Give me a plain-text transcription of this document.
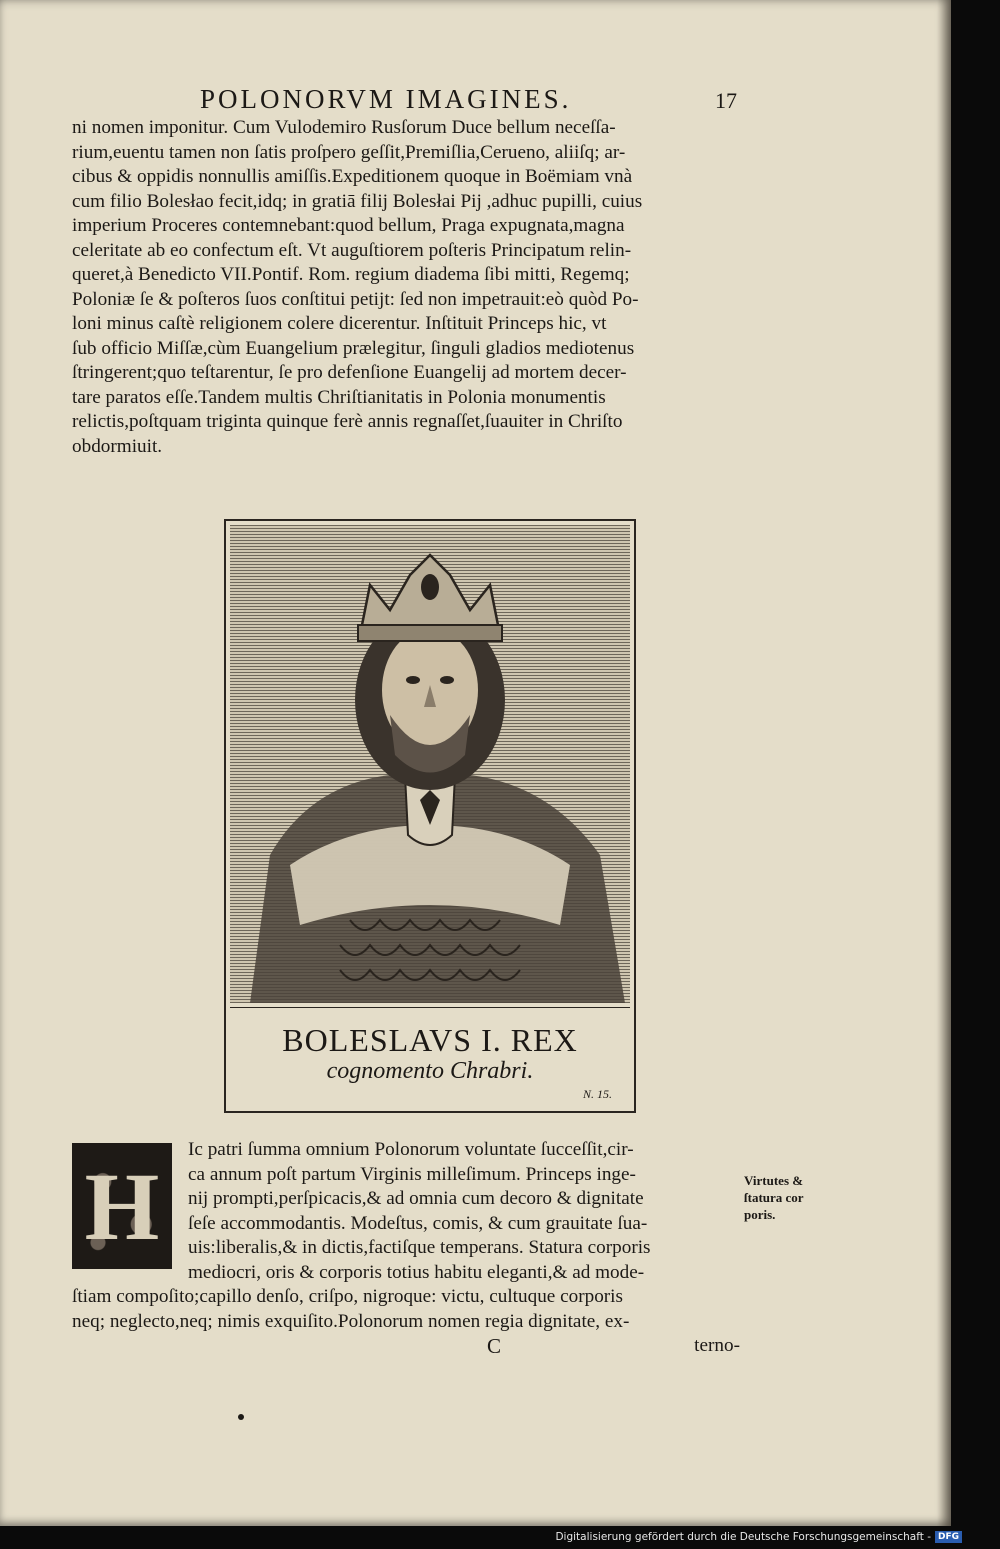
POLONORVM IMAGINES.	17
ni nomen imponitur. Cum Vulodemiro Rusſorum Duce bellum neceſſa-
rium,euentu tamen non ſatis proſpero geſſit,Premiſlia,Cerueno, aliiſq; ar-
cibus & oppidis nonnullis amiſſis.Expeditionem quoque in Boëmiam vnà
cum filio Bolesłao fecit,idq; in gratiā filij Bolesłai Pij ,adhuc pupilli, cuius
imperium Proceres contemnebant:quod bellum, Praga expugnata,magna
celeritate ab eo confectum eſt. Vt auguſtiorem poſteris Principatum relin-
queret,à Benedicto VII.Pontif. Rom. regium diadema ſibi mitti, Regemq;
Poloniæ ſe & poſteros ſuos conſtitui petijt: ſed non impetrauit:eò quòd Po-
loni minus caſtè religionem colere dicerentur. Inſtituit Princeps hic, vt
ſub officio Miſſæ,cùm Euangelium prælegitur, ſinguli gladios mediotenus
ſtringerent;quo teſtarentur, ſe pro defenſione Euangelij ad mortem decer-
tare paratos eſſe.Tandem multis Chriſtianitatis in Polonia monumentis
relictis,poſtquam triginta quinque ferè annis regnaſſet,ſuauiter in Chriſto
obdormiuit.
BOLESLAVS I. REX
cognomento Chrabri.
N. 15.
H
Ic patri ſumma omnium Polonorum voluntate ſucceſſit,cir-
ca annum poſt partum Virginis milleſimum. Princeps inge-
nij prompti,perſpicacis,& ad omnia cum decoro & dignitate
ſeſe accommodantis. Modeſtus, comis, & cum grauitate ſua-
uis:liberalis,& in dictis,factiſque temperans. Statura corporis
mediocri, oris & corporis totius habitu eleganti,& ad mode-
ſtiam compoſito;capillo denſo, criſpo, nigroque: victu, cultuque corporis
neq; neglecto,neq; nimis exquiſito.Polonorum nomen regia dignitate, ex-
C	terno-
Virtutes &
ſtatura cor
poris.
Digitalisierung gefördert durch die Deutsche Forschungsgemeinschaft - DFG
